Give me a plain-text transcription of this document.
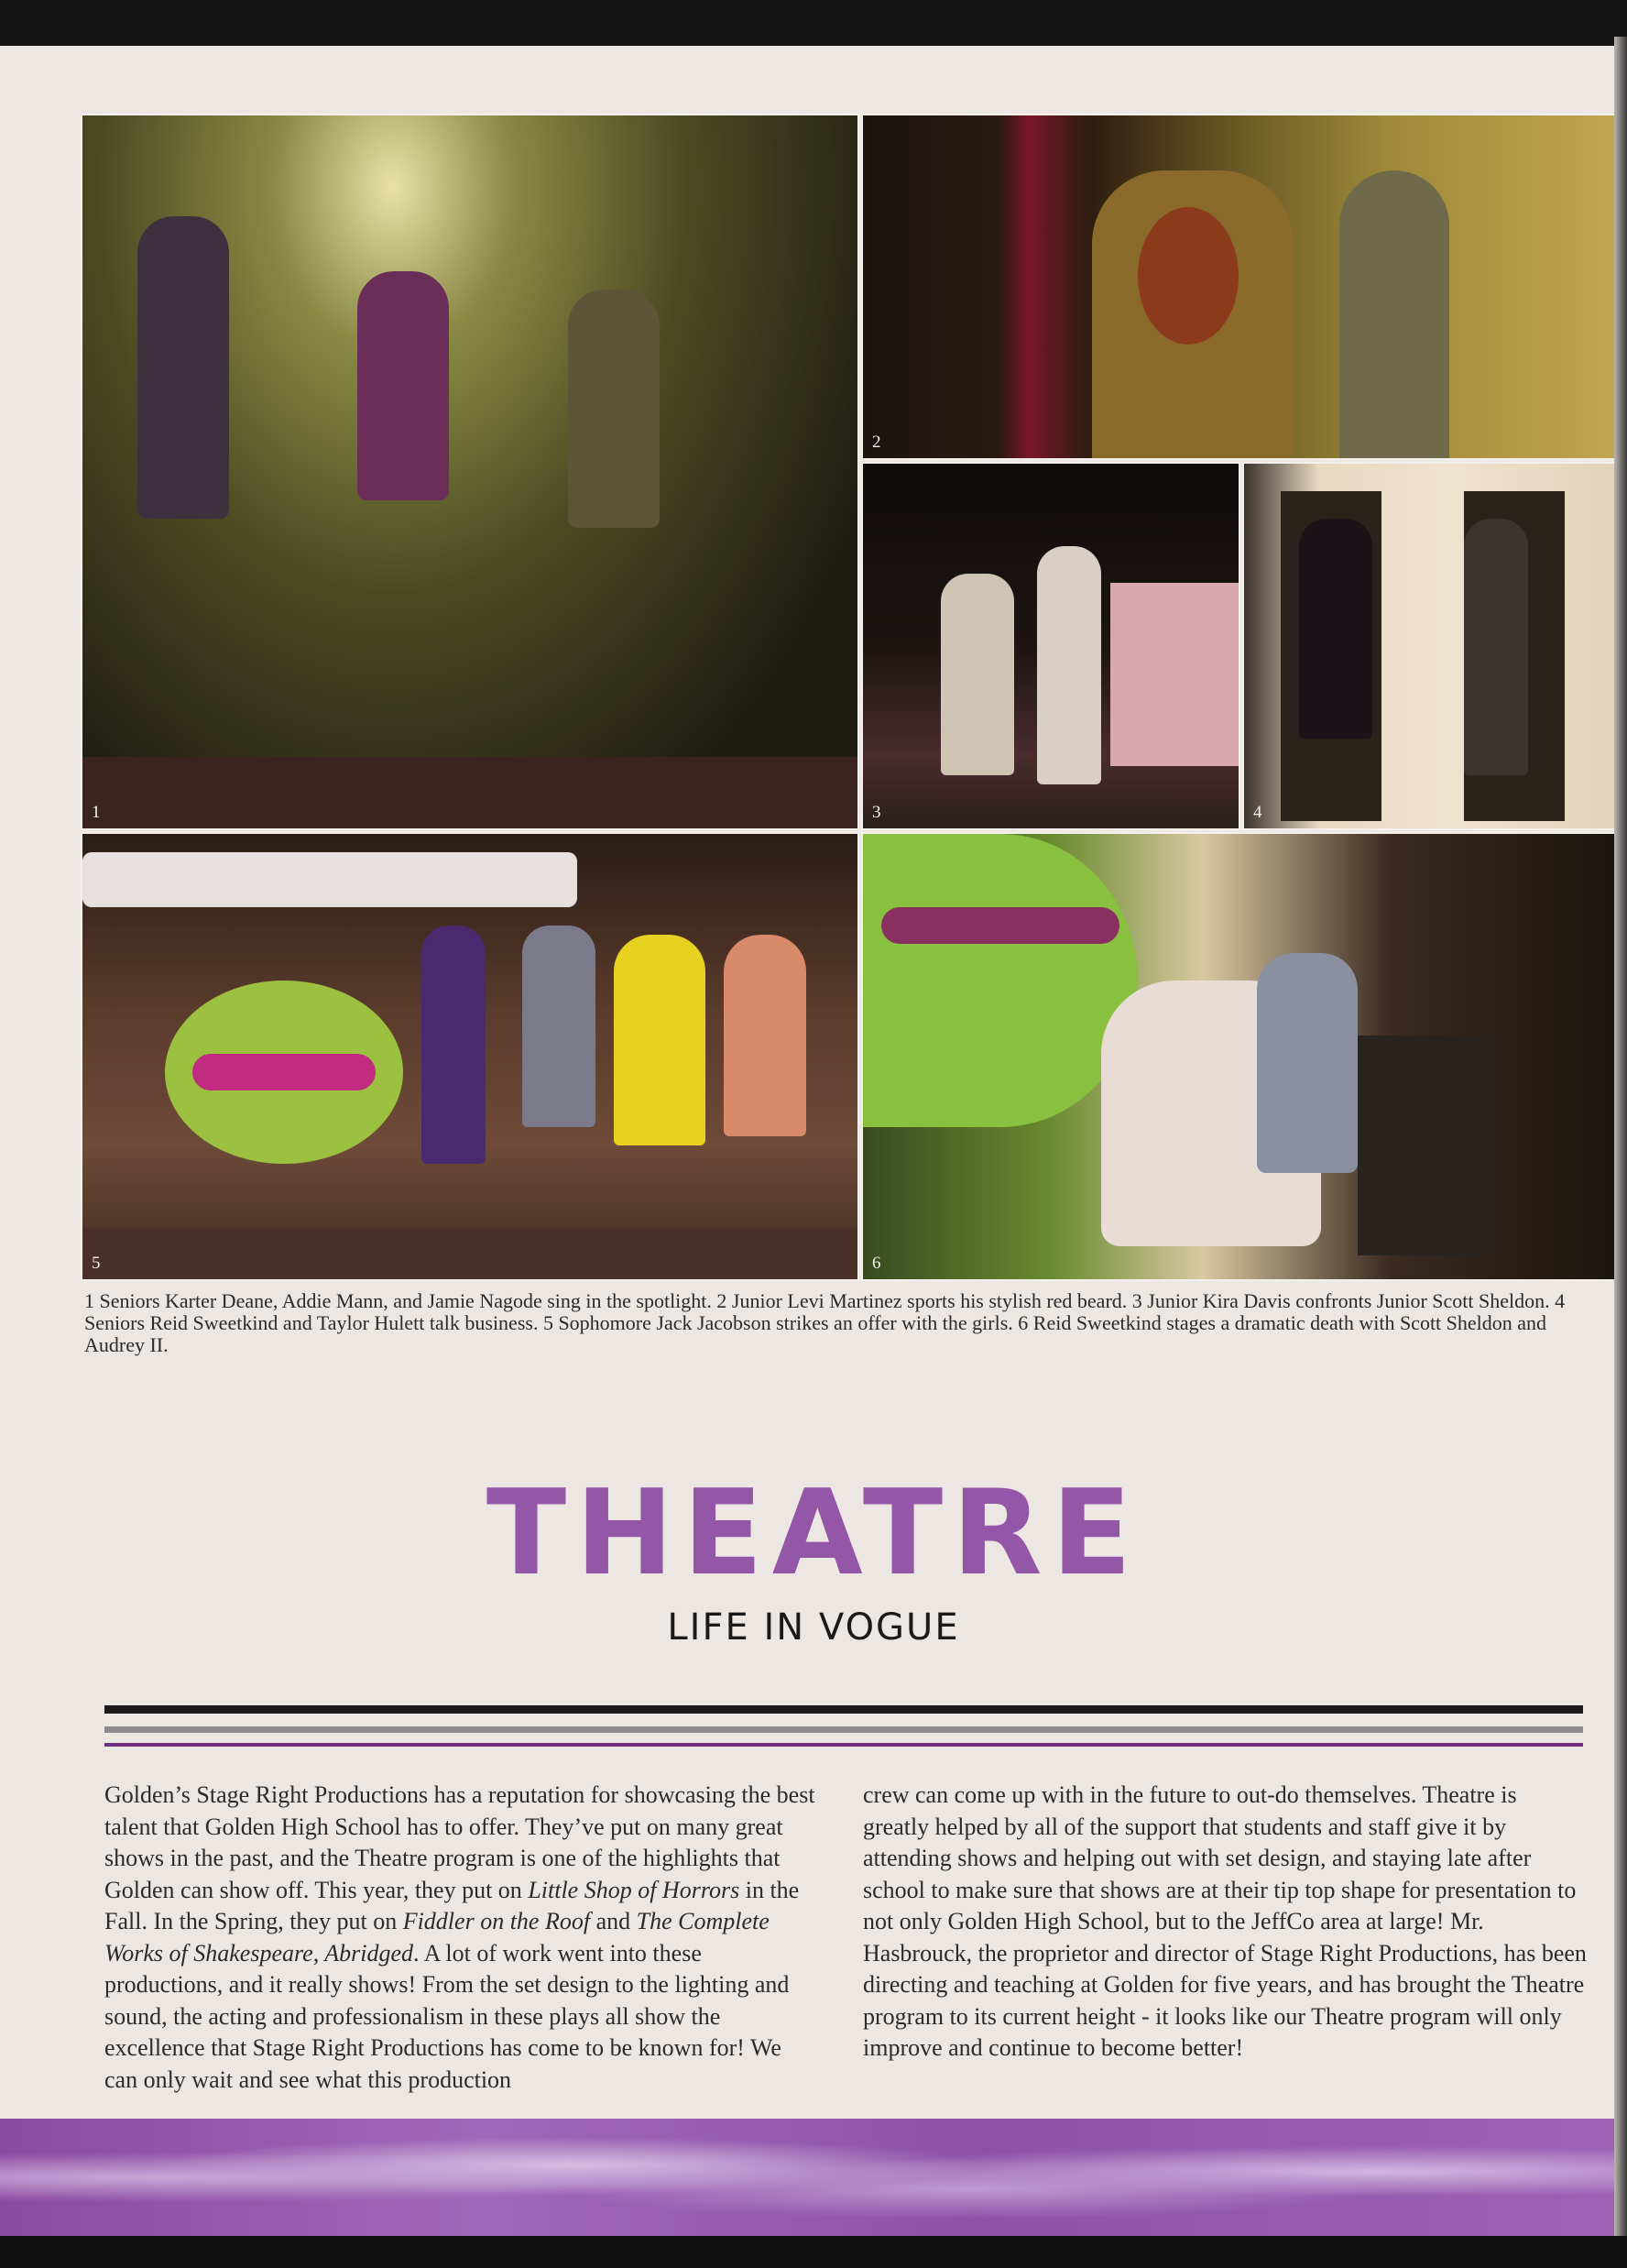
1
2
3	4
5	6
1 Seniors Karter Deane, Addie Mann, and Jamie Nagode sing in the spotlight. 2 Junior Levi Martinez sports his stylish red beard. 3 Junior Kira Davis confronts Junior Scott Sheldon. 4 Seniors Reid Sweetkind and Taylor Hulett talk business. 5 Sophomore Jack Jacobson strikes an offer with the girls. 6 Reid Sweetkind stages a dramatic death with Scott Sheldon and Audrey II.
THEATRE
LIFE IN VOGUE
Golden’s Stage Right Productions has a reputation for showcasing the best talent that Golden High School has to offer. They’ve put on many great shows in the past, and the Theatre program is one of the highlights that Golden can show off. This year, they put on Little Shop of Horrors in the Fall. In the Spring, they put on Fiddler on the Roof and The Complete Works of Shakespeare, Abridged. A lot of work went into these productions, and it really shows! From the set design to the lighting and sound, the acting and professionalism in these plays all show the excellence that Stage Right Productions has come to be known for! We can only wait and see what this production
crew can come up with in the future to out-do themselves. Theatre is greatly helped by all of the support that students and staff give it by attending shows and helping out with set design, and staying late after school to make sure that shows are at their tip top shape for presentation to not only Golden High School, but to the JeffCo area at large! Mr. Hasbrouck, the proprietor and director of Stage Right Productions, has been directing and teaching at Golden for five years, and has brought the Theatre program to its current height - it looks like our Theatre program will only improve and continue to become better!
